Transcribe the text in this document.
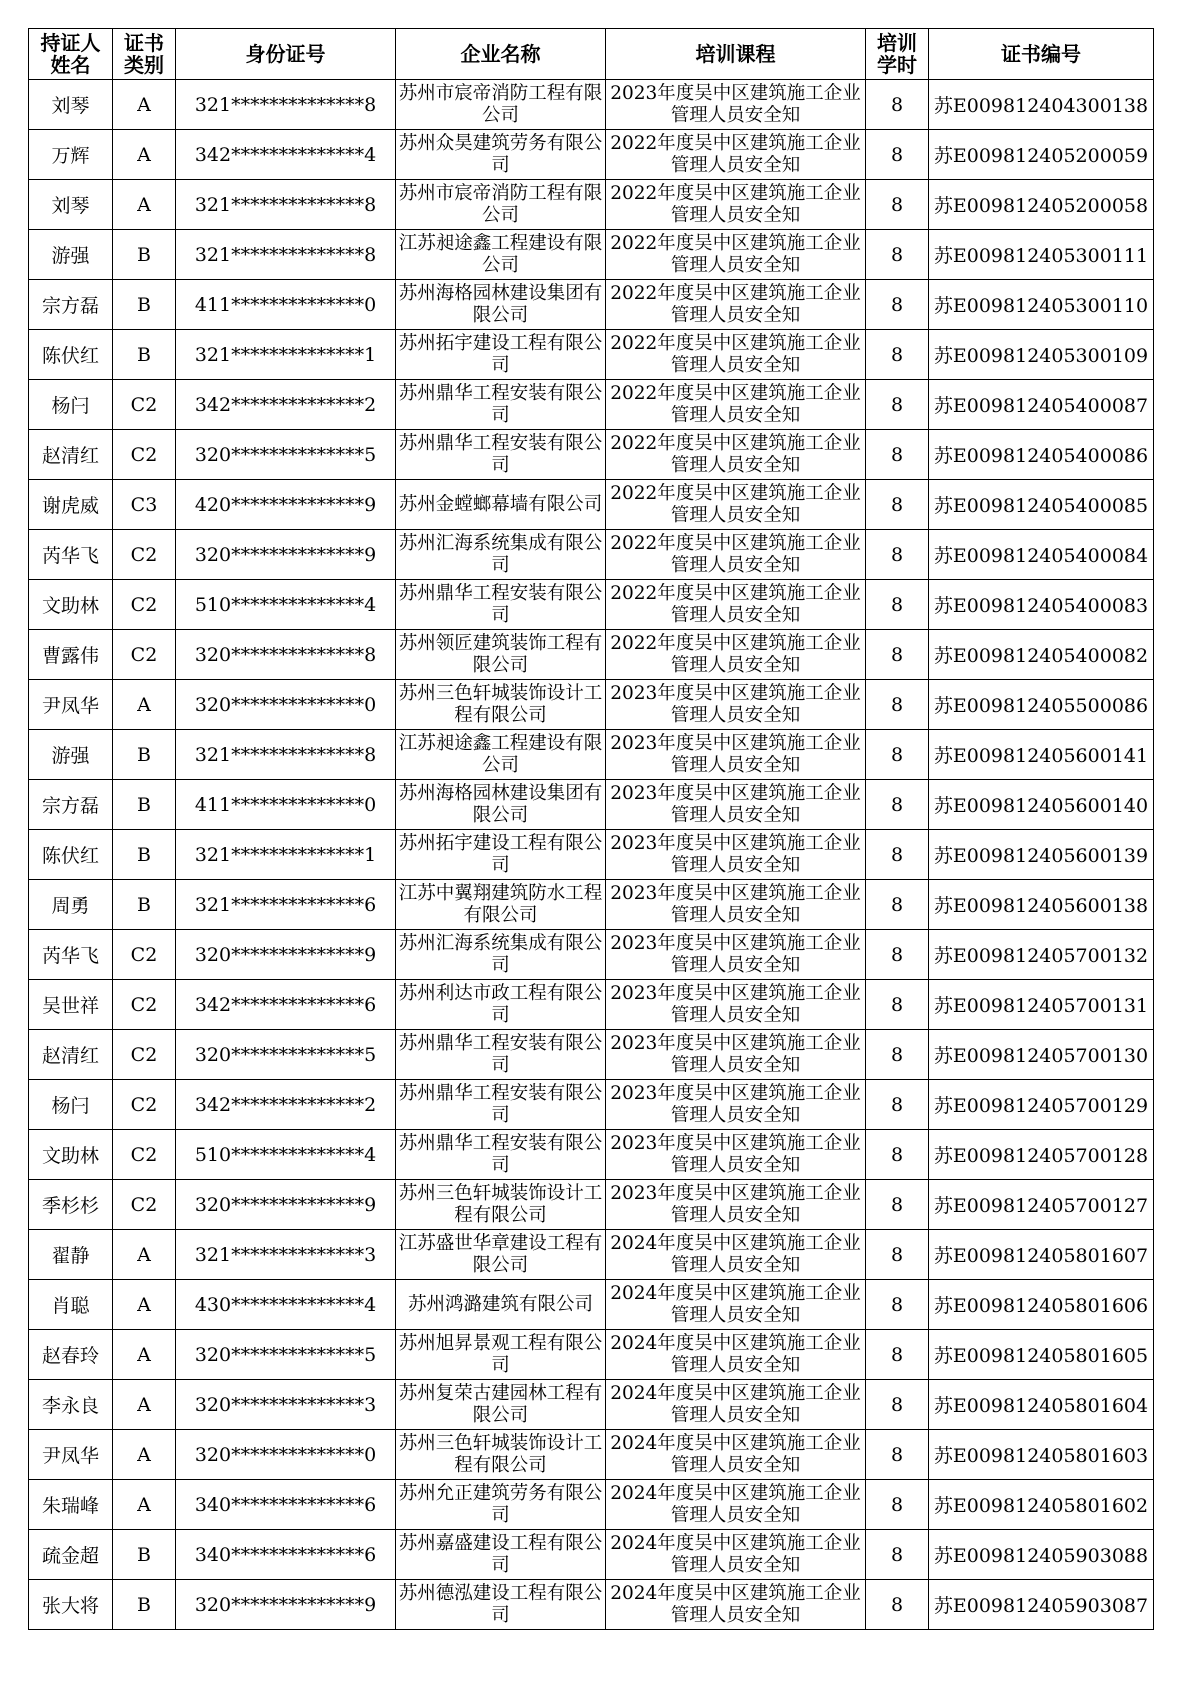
持证人姓名	证书类别	身份证号	企业名称	培训课程	培训学时	证书编号
刘琴	A	321**************8	苏州市宸帝消防工程有限公司	2023年度吴中区建筑施工企业管理人员安全知	8	苏E009812404300138
万辉	A	342**************4	苏州众昊建筑劳务有限公司	2022年度吴中区建筑施工企业管理人员安全知	8	苏E009812405200059
刘琴	A	321**************8	苏州市宸帝消防工程有限公司	2022年度吴中区建筑施工企业管理人员安全知	8	苏E009812405200058
游强	B	321**************8	江苏昶途鑫工程建设有限公司	2022年度吴中区建筑施工企业管理人员安全知	8	苏E009812405300111
宗方磊	B	411**************0	苏州海格园林建设集团有限公司	2022年度吴中区建筑施工企业管理人员安全知	8	苏E009812405300110
陈伏红	B	321**************1	苏州拓宇建设工程有限公司	2022年度吴中区建筑施工企业管理人员安全知	8	苏E009812405300109
杨闩	C2	342**************2	苏州鼎华工程安装有限公司	2022年度吴中区建筑施工企业管理人员安全知	8	苏E009812405400087
赵清红	C2	320**************5	苏州鼎华工程安装有限公司	2022年度吴中区建筑施工企业管理人员安全知	8	苏E009812405400086
谢虎威	C3	420**************9	苏州金螳螂幕墙有限公司	2022年度吴中区建筑施工企业管理人员安全知	8	苏E009812405400085
芮华飞	C2	320**************9	苏州汇海系统集成有限公司	2022年度吴中区建筑施工企业管理人员安全知	8	苏E009812405400084
文助林	C2	510**************4	苏州鼎华工程安装有限公司	2022年度吴中区建筑施工企业管理人员安全知	8	苏E009812405400083
曹露伟	C2	320**************8	苏州领匠建筑装饰工程有限公司	2022年度吴中区建筑施工企业管理人员安全知	8	苏E009812405400082
尹凤华	A	320**************0	苏州三色轩城装饰设计工程有限公司	2023年度吴中区建筑施工企业管理人员安全知	8	苏E009812405500086
游强	B	321**************8	江苏昶途鑫工程建设有限公司	2023年度吴中区建筑施工企业管理人员安全知	8	苏E009812405600141
宗方磊	B	411**************0	苏州海格园林建设集团有限公司	2023年度吴中区建筑施工企业管理人员安全知	8	苏E009812405600140
陈伏红	B	321**************1	苏州拓宇建设工程有限公司	2023年度吴中区建筑施工企业管理人员安全知	8	苏E009812405600139
周勇	B	321**************6	江苏中翼翔建筑防水工程有限公司	2023年度吴中区建筑施工企业管理人员安全知	8	苏E009812405600138
芮华飞	C2	320**************9	苏州汇海系统集成有限公司	2023年度吴中区建筑施工企业管理人员安全知	8	苏E009812405700132
吴世祥	C2	342**************6	苏州利达市政工程有限公司	2023年度吴中区建筑施工企业管理人员安全知	8	苏E009812405700131
赵清红	C2	320**************5	苏州鼎华工程安装有限公司	2023年度吴中区建筑施工企业管理人员安全知	8	苏E009812405700130
杨闩	C2	342**************2	苏州鼎华工程安装有限公司	2023年度吴中区建筑施工企业管理人员安全知	8	苏E009812405700129
文助林	C2	510**************4	苏州鼎华工程安装有限公司	2023年度吴中区建筑施工企业管理人员安全知	8	苏E009812405700128
季杉杉	C2	320**************9	苏州三色轩城装饰设计工程有限公司	2023年度吴中区建筑施工企业管理人员安全知	8	苏E009812405700127
翟静	A	321**************3	江苏盛世华章建设工程有限公司	2024年度吴中区建筑施工企业管理人员安全知	8	苏E009812405801607
肖聪	A	430**************4	苏州鸿潞建筑有限公司	2024年度吴中区建筑施工企业管理人员安全知	8	苏E009812405801606
赵春玲	A	320**************5	苏州旭昇景观工程有限公司	2024年度吴中区建筑施工企业管理人员安全知	8	苏E009812405801605
李永良	A	320**************3	苏州复荣古建园林工程有限公司	2024年度吴中区建筑施工企业管理人员安全知	8	苏E009812405801604
尹凤华	A	320**************0	苏州三色轩城装饰设计工程有限公司	2024年度吴中区建筑施工企业管理人员安全知	8	苏E009812405801603
朱瑞峰	A	340**************6	苏州允正建筑劳务有限公司	2024年度吴中区建筑施工企业管理人员安全知	8	苏E009812405801602
疏金超	B	340**************6	苏州嘉盛建设工程有限公司	2024年度吴中区建筑施工企业管理人员安全知	8	苏E009812405903088
张大将	B	320**************9	苏州德泓建设工程有限公司	2024年度吴中区建筑施工企业管理人员安全知	8	苏E009812405903087
